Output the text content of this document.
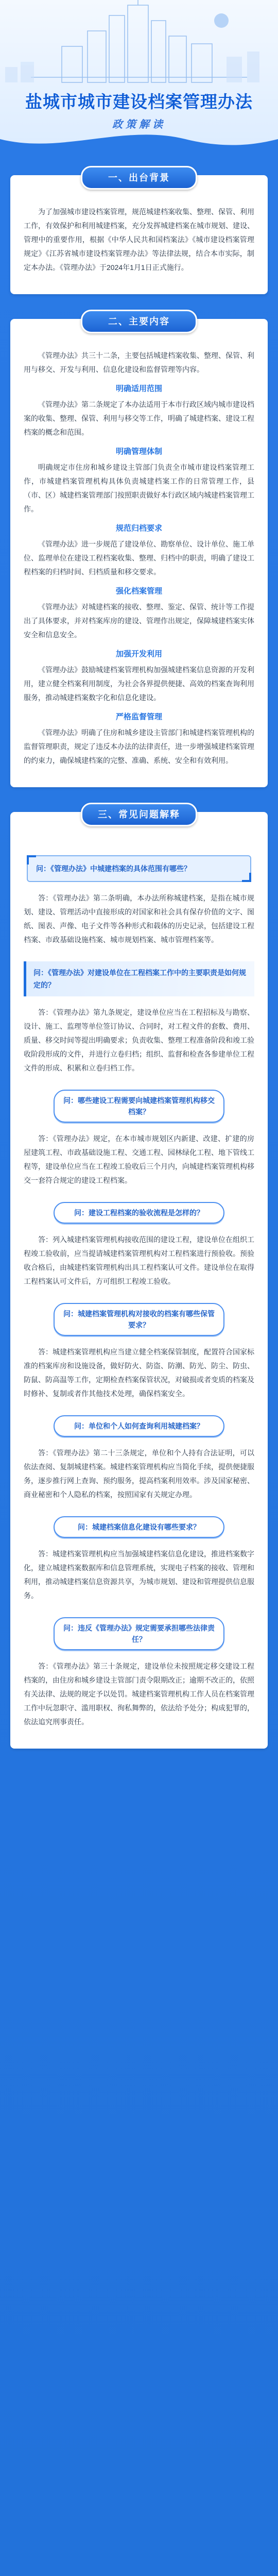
盐城市城市建设档案管理办法
政策解读
一、出台背景

为了加强城市建设档案管理，规范城建档案收集、整理、保管、利用工作，有效保护和利用城建档案，充分发挥城建档案在城市规划、建设、管理中的重要作用，根据《中华人民共和国档案法》《城市建设档案管理规定》《江苏省城市建设档案管理办法》等法律法规，结合本市实际，制定本办法。《管理办法》于2024年1月1日正式施行。

二、主要内容

《管理办法》共三十二条，主要包括城建档案收集、整理、保管、利用与移交、开发与利用、信息化建设和监督管理等内容。

明确适用范围

《管理办法》第二条规定了本办法适用于本市行政区域内城市建设档案的收集、整理、保管、利用与移交等工作，明确了城建档案、建设工程档案的概念和范围。

明确管理体制

明确规定市住房和城乡建设主管部门负责全市城市建设档案管理工作，市城建档案管理机构具体负责城建档案工作的日常管理工作，县（市、区）城建档案管理部门按照职责做好本行政区域内城建档案管理工作。

规范归档要求

《管理办法》进一步规范了建设单位、勘察单位、设计单位、施工单位、监理单位在建设工程档案收集、整理、归档中的职责，明确了建设工程档案的归档时间、归档质量和移交要求。

强化档案管理

《管理办法》对城建档案的接收、整理、鉴定、保管、统计等工作提出了具体要求，并对档案库房的建设、管理作出规定，保障城建档案实体安全和信息安全。

加强开发利用

《管理办法》鼓励城建档案管理机构加强城建档案信息资源的开发利用，建立健全档案利用制度，为社会各界提供便捷、高效的档案查询利用服务，推动城建档案数字化和信息化建设。

严格监督管理

《管理办法》明确了住房和城乡建设主管部门和城建档案管理机构的监督管理职责，规定了违反本办法的法律责任，进一步增强城建档案管理的约束力，确保城建档案的完整、准确、系统、安全和有效利用。

三、常见问题解释
问：《管理办法》中城建档案的具体范围有哪些？

答：《管理办法》第二条明确，本办法所称城建档案，是指在城市规划、建设、管理活动中直接形成的对国家和社会具有保存价值的文字、图纸、图表、声像、电子文件等各种形式和载体的历史记录，包括建设工程档案、市政基础设施档案、城市规划档案、城市管理档案等。

问：《管理办法》对建设单位在工程档案工作中的主要职责是如何规定的？

答：《管理办法》第九条规定，建设单位应当在工程招标及与勘察、设计、施工、监理等单位签订协议、合同时，对工程文件的套数、费用、质量、移交时间等提出明确要求；负责收集、整理工程准备阶段和竣工验收阶段形成的文件，并进行立卷归档；组织、监督和检查各参建单位工程文件的形成、积累和立卷归档工作。

问：哪些建设工程需要向城建档案管理机构移交档案？

答：《管理办法》规定，在本市城市规划区内新建、改建、扩建的房屋建筑工程、市政基础设施工程、交通工程、园林绿化工程、地下管线工程等，建设单位应当在工程竣工验收后三个月内，向城建档案管理机构移交一套符合规定的建设工程档案。

问：建设工程档案的验收流程是怎样的？

答：列入城建档案管理机构接收范围的建设工程，建设单位在组织工程竣工验收前，应当提请城建档案管理机构对工程档案进行预验收。预验收合格后，由城建档案管理机构出具工程档案认可文件。建设单位在取得工程档案认可文件后，方可组织工程竣工验收。

问：城建档案管理机构对接收的档案有哪些保管要求？

答：城建档案管理机构应当建立健全档案保管制度，配置符合国家标准的档案库房和设施设备，做好防火、防盗、防潮、防光、防尘、防虫、防鼠、防高温等工作，定期检查档案保管状况，对破损或者变质的档案及时修补、复制或者作其他技术处理，确保档案安全。

问：单位和个人如何查询利用城建档案？

答：《管理办法》第二十三条规定，单位和个人持有合法证明，可以依法查阅、复制城建档案。城建档案管理机构应当简化手续，提供便捷服务，逐步推行网上查询、预约服务，提高档案利用效率。涉及国家秘密、商业秘密和个人隐私的档案，按照国家有关规定办理。

问：城建档案信息化建设有哪些要求？

答：城建档案管理机构应当加强城建档案信息化建设，推进档案数字化，建立城建档案数据库和信息管理系统，实现电子档案的接收、管理和利用，推动城建档案信息资源共享，为城市规划、建设和管理提供信息服务。

问：违反《管理办法》规定需要承担哪些法律责任？

答：《管理办法》第三十条规定，建设单位未按照规定移交建设工程档案的，由住房和城乡建设主管部门责令限期改正；逾期不改正的，依照有关法律、法规的规定予以处罚。城建档案管理机构工作人员在档案管理工作中玩忽职守、滥用职权、徇私舞弊的，依法给予处分；构成犯罪的，依法追究刑事责任。
